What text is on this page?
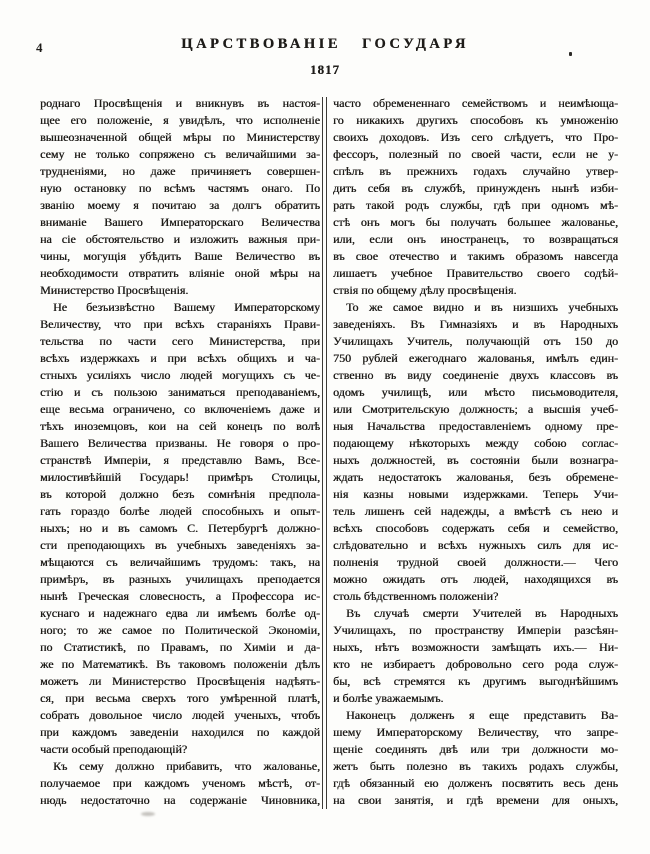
4	ЦАРСТВОВАНІЕ ГОСУДАРЯ
1817
роднаго Просвѣщенія и вникнувъ въ настоя-
щее его положеніе, я увидѣлъ, что исполненіе
вышеозначенной общей мѣры по Министерству
сему не только сопряжено съ величайшими за-
трудненіями, но даже причиняетъ совершен-
ную остановку по всѣмъ частямъ онаго. По
званію моему я почитаю за долгъ обратить
вниманіе Вашего Императорскаго Величества
на сіе обстоятельство и изложить важныя при-
чины, могущія убѣдить Ваше Величество въ
необходимости отвратить вліяніе оной мѣры на
Министерство Просвѣщенія.
Не безъизвѣстно Вашему Императорскому
Величеству, что при всѣхъ стараніяхъ Прави-
тельства по части сего Министерства, при
всѣхъ издержкахъ и при всѣхъ общихъ и ча-
стныхъ усиліяхъ число людей могущихъ съ че-
стію и съ пользою заниматься преподаваніемъ,
еще весьма ограничено, со включеніемъ даже и
тѣхъ иноземцовъ, кои на сей конецъ по волѣ
Вашего Величества призваны. Не говоря о про-
странствѣ Имперіи, я представлю Вамъ, Все-
милостивѣйшій Государь! примѣръ Столицы,
въ которой должно безъ сомнѣнія предпола-
гать гораздо болѣе людей способныхъ и опыт-
ныхъ; но и въ самомъ С. Петербургѣ должно-
сти преподающихъ въ учебныхъ заведеніяхъ за-
мѣщаются съ величайшимъ трудомъ: такъ, на
примѣръ, въ разныхъ училищахъ преподается
нынѣ Греческая словесность, а Профессора ис-
куснаго и надежнаго едва ли имѣемъ болѣе од-
ного; то же самое по Политической Экономіи,
по Статистикѣ, по Правамъ, по Химіи и да-
же по Математикѣ. Въ таковомъ положеніи дѣлъ
можетъ ли Министерство Просвѣщенія надѣять-
ся, при весьма сверхъ того умѣренной платѣ,
собрать довольное число людей ученыхъ, чтобъ
при каждомъ заведеніи находился по каждой
части особый преподающій?
Къ сему должно прибавить, что жалованье,
получаемое при каждомъ ученомъ мѣстѣ, от-
нюдь недостаточно на содержаніе Чиновника,
часто обремененнаго семействомъ и неимѣюща-
го никакихъ другихъ способовъ къ умноженію
своихъ доходовъ. Изъ сего слѣдуетъ, что Про-
фессоръ, полезный по своей части, если не у-
спѣлъ въ прежнихъ годахъ случайно утвер-
дить себя въ службѣ, принужденъ нынѣ изби-
рать такой родъ службы, гдѣ при одномъ мѣ-
стѣ онъ могъ бы получать большее жалованье,
или, если онъ иностранецъ, то возвращаться
въ свое отечество и такимъ образомъ навсегда
лишаетъ учебное Правительство своего содѣй-
ствія по общему дѣлу просвѣщенія.
То же самое видно и въ низшихъ учебныхъ
заведеніяхъ. Въ Гимназіяхъ и въ Народныхъ
Училищахъ Учитель, получающій отъ 150 до
750 рублей ежегоднаго жалованья, имѣлъ един-
ственно въ виду соединеніе двухъ классовъ въ
одомъ училищѣ, или мѣсто письмоводителя,
или Смотрительскую должность; а высшія учеб-
ныя Начальства предоставленіемъ одному пре-
подающему нѣкоторыхъ между собою соглас-
ныхъ должностей, въ состояніи были вознагра-
ждать недостатокъ жалованья, безъ обремене-
нія казны новыми издержками. Теперь Учи-
тель лишенъ сей надежды, а вмѣстѣ съ нею и
всѣхъ способовъ содержать себя и семейство,
слѣдовательно и всѣхъ нужныхъ силъ для ис-
полненія трудной своей должности.— Чего
можно ожидать отъ людей, находящихся въ
столь бѣдственномъ положеніи?
Въ случаѣ смерти Учителей въ Народныхъ
Училищахъ, по пространству Имперіи разсѣян-
ныхъ, нѣтъ возможности замѣщать ихъ.— Ни-
кто не избираетъ добровольно сего рода служ-
бы, всѣ стремятся къ другимъ выгоднѣйшимъ
и болѣе уважаемымъ.
Наконецъ долженъ я еще представить Ва-
шему Императорскому Величеству, что запре-
щеніе соединять двѣ или три должности мо-
жетъ быть полезно въ такихъ родахъ службы,
гдѣ обязанный ею долженъ посвятить весь день
на свои занятія, и гдѣ времени для оныхъ,
